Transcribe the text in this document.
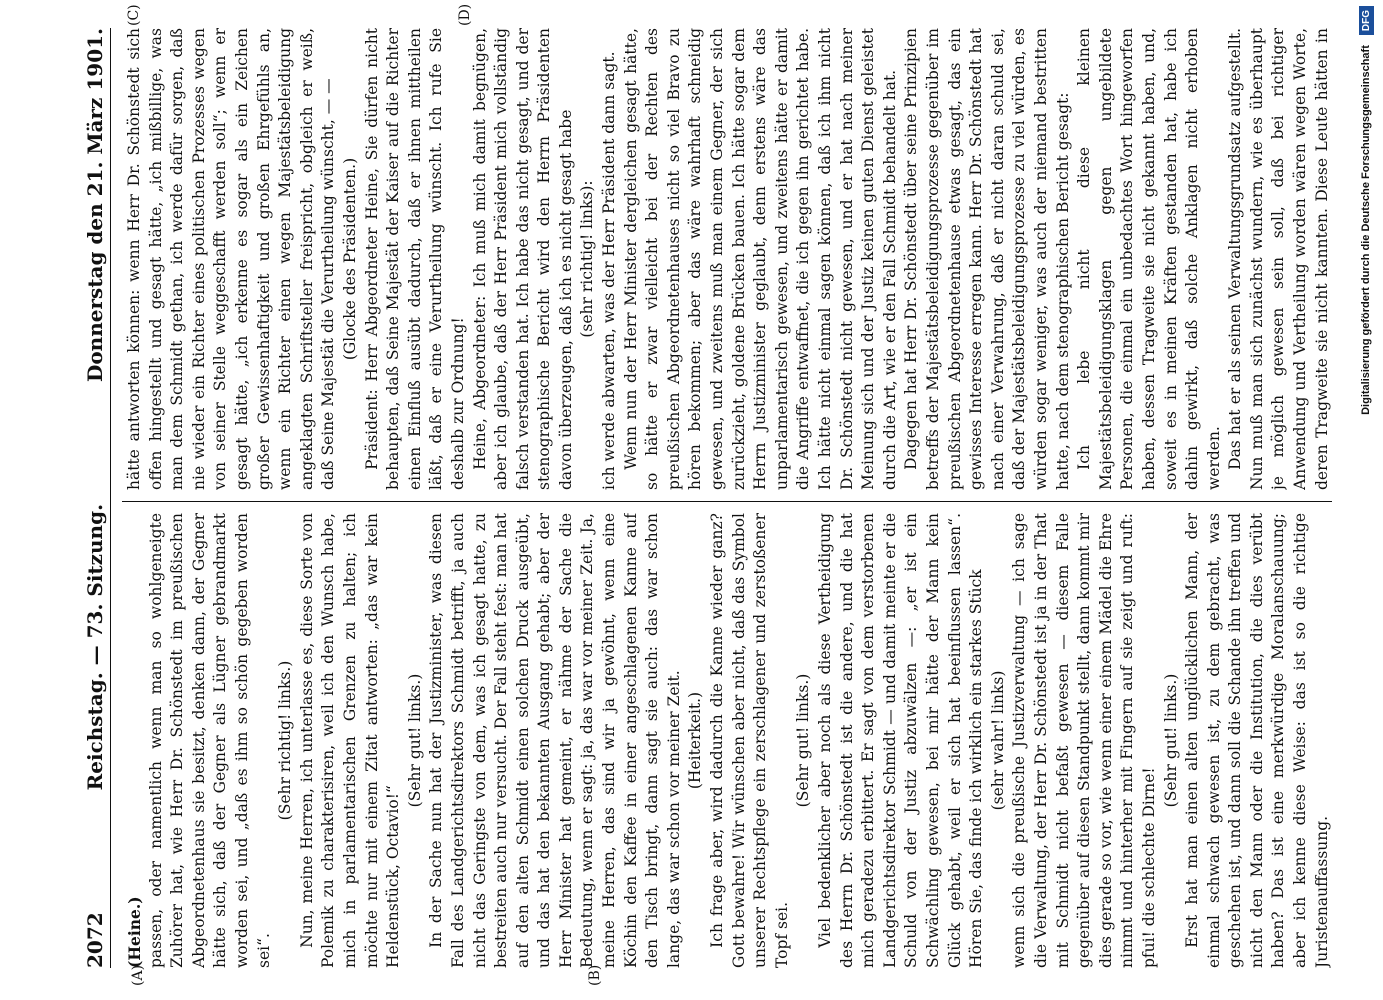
2072
Reichstag. — 73. Sitzung.
Donnerstag den 21. März 1901.
(A)	(B)
(C)	(D)

(Heine.) passen, oder namentlich wenn man so wohlgeneigte Zuhörer hat, wie Herr Dr. Schönstedt im preußischen Abgeordnetenhaus sie besitzt, denken dann, der Gegner hätte sich, daß der Gegner als Lügner gebrandmarkt worden sei, und „daß es ihm so schön gegeben worden sei“.

(Sehr richtig! links.) Nun, meine Herren, ich unterlasse es, diese Sorte von Polemik zu charakterisiren, weil ich den Wunsch habe, mich in parlamentarischen Grenzen zu halten; ich möchte nur mit einem Zitat antworten: „das war kein Heldenstück, Octavio!“

(Sehr gut! links.) In der Sache nun hat der Justizminister, was diesen Fall des Landgerichtsdirektors Schmidt betrifft, ja auch nicht das Geringste von dem, was ich gesagt hatte, zu bestreiten auch nur versucht. Der Fall steht fest: man hat auf den alten Schmidt einen solchen Druck ausgeübt, und das hat den bekannten Ausgang gehabt; aber der Herr Minister hat gemeint, er nähme der Sache die Bedeutung, wenn er sagt: ja, das war vor meiner Zeit. Ja, meine Herren, das sind wir ja gewöhnt, wenn eine Köchin den Kaffee in einer angeschlagenen Kanne auf den Tisch bringt, dann sagt sie auch: das war schon lange, das war schon vor meiner Zeit. (Heiterkeit.) Ich frage aber, wird dadurch die Kanne wieder ganz? Gott bewahre! Wir wünschen aber nicht, daß das Symbol unserer Rechtspflege ein zerschlagener und zerstoßener Topf sei.

(Sehr gut! links.) Viel bedenklicher aber noch als diese Vertheidigung des Herrn Dr. Schönstedt ist die andere, und die hat mich geradezu erbittert. Er sagt von dem verstorbenen Landgerichtsdirektor Schmidt — und damit meinte er die Schuld von der Justiz abzuwälzen —: „er ist ein Schwächling gewesen, bei mir hätte der Mann kein Glück gehabt, weil er sich hat beeinflussen lassen“. Hören Sie, das finde ich wirklich ein starkes Stück (sehr wahr! links) wenn sich die preußische Justizverwaltung — ich sage die Verwaltung, der Herr Dr. Schönstedt ist ja in der That mit Schmidt nicht befaßt gewesen — diesem Falle gegenüber auf diesen Standpunkt stellt, dann kommt mir dies gerade so vor, wie wenn einer einem Mädel die Ehre nimmt und hinterher mit Fingern auf sie zeigt und ruft: pfui! die schlechte Dirne!

(Sehr gut! links.) Erst hat man einen alten unglücklichen Mann, der einmal schwach gewesen ist, zu dem gebracht, was geschehen ist, und dann soll die Schande ihn treffen und nicht den Mann oder die Institution, die dies verübt haben? Das ist eine merkwürdige Moralanschauung; aber ich kenne diese Weise: das ist so die richtige Juristenauffassung.

hätte antworten können: wenn Herr Dr. Schönstedt sich offen hingestellt und gesagt hätte, „ich mißbillige, was man dem Schmidt gethan, ich werde dafür sorgen, daß nie wieder ein Richter eines politischen Prozesses wegen von seiner Stelle weggeschafft werden soll“; wenn er gesagt hätte, „ich erkenne es sogar als ein Zeichen großer Gewissenhaftigkeit und großen Ehrgefühls an, wenn ein Richter einen wegen Majestätsbeleidigung angeklagten Schriftsteller freispricht, obgleich er weiß, daß Seine Majestät die Verurtheilung wünscht, — — (Glocke des Präsidenten.) Präsident: Herr Abgeordneter Heine, Sie dürfen nicht behaupten, daß Seine Majestät der Kaiser auf die Richter einen Einfluß ausübt dadurch, daß er ihnen mittheilen läßt, daß er eine Verurtheilung wünscht. Ich rufe Sie deshalb zur Ordnung! Heine, Abgeordneter: Ich muß mich damit begnügen, aber ich glaube, daß der Herr Präsident mich vollständig falsch verstanden hat. Ich habe das nicht gesagt, und der stenographische Bericht wird den Herrn Präsidenten davon überzeugen, daß ich es nicht gesagt habe (sehr richtig! links): ich werde abwarten, was der Herr Präsident dann sagt. Wenn nun der Herr Minister dergleichen gesagt hätte, so hätte er zwar vielleicht bei der Rechten des preußischen Abgeordnetenhauses nicht so viel Bravo zu hören bekommen; aber das wäre wahrhaft schneidig gewesen, und zweitens muß man einem Gegner, der sich zurückzieht, goldene Brücken bauen. Ich hätte sogar dem Herrn Justizminister geglaubt, denn erstens wäre das unparlamentarisch gewesen, und zweitens hätte er damit die Angriffe entwaffnet, die ich gegen ihn gerichtet habe. Ich hätte nicht einmal sagen können, daß ich ihm nicht Dr. Schönstedt nicht gewesen, und er hat nach meiner Meinung sich und der Justiz keinen guten Dienst geleistet durch die Art, wie er den Fall Schmidt behandelt hat. Dagegen hat Herr Dr. Schönstedt über seine Prinzipien betreffs der Majestätsbeleidigungsprozesse gegenüber im preußischen Abgeordnetenhause etwas gesagt, das ein gewisses Interesse erregen kann. Herr Dr. Schönstedt hat nach einer Verwahrung, daß er nicht daran schuld sei, daß der Majestätsbeleidigungsprozesse zu viel würden, es würden sogar weniger, was auch der niemand bestritten hatte, nach dem stenographischen Bericht gesagt: Ich lebe nicht diese kleinen Majestätsbeleidigungsklagen gegen ungebildete Personen, die einmal ein unbedachtes Wort hingeworfen haben, dessen Tragweite sie nicht gekannt haben, und, soweit es in meinen Kräften gestanden hat, habe ich dahin gewirkt, daß solche Anklagen nicht erhoben werden. Das hat er als seinen Verwaltungsgrundsatz aufgestellt. Nun muß man sich zunächst wundern, wie es überhaupt je möglich gewesen sein soll, daß bei richtiger Anwendung und Vertheilung worden wären wegen Worte, deren Tragweite sie nicht kannten. Diese Leute hätten in

Digitalisierung gefördert durch die Deutsche Forschungsgemeinschaft
DFG
